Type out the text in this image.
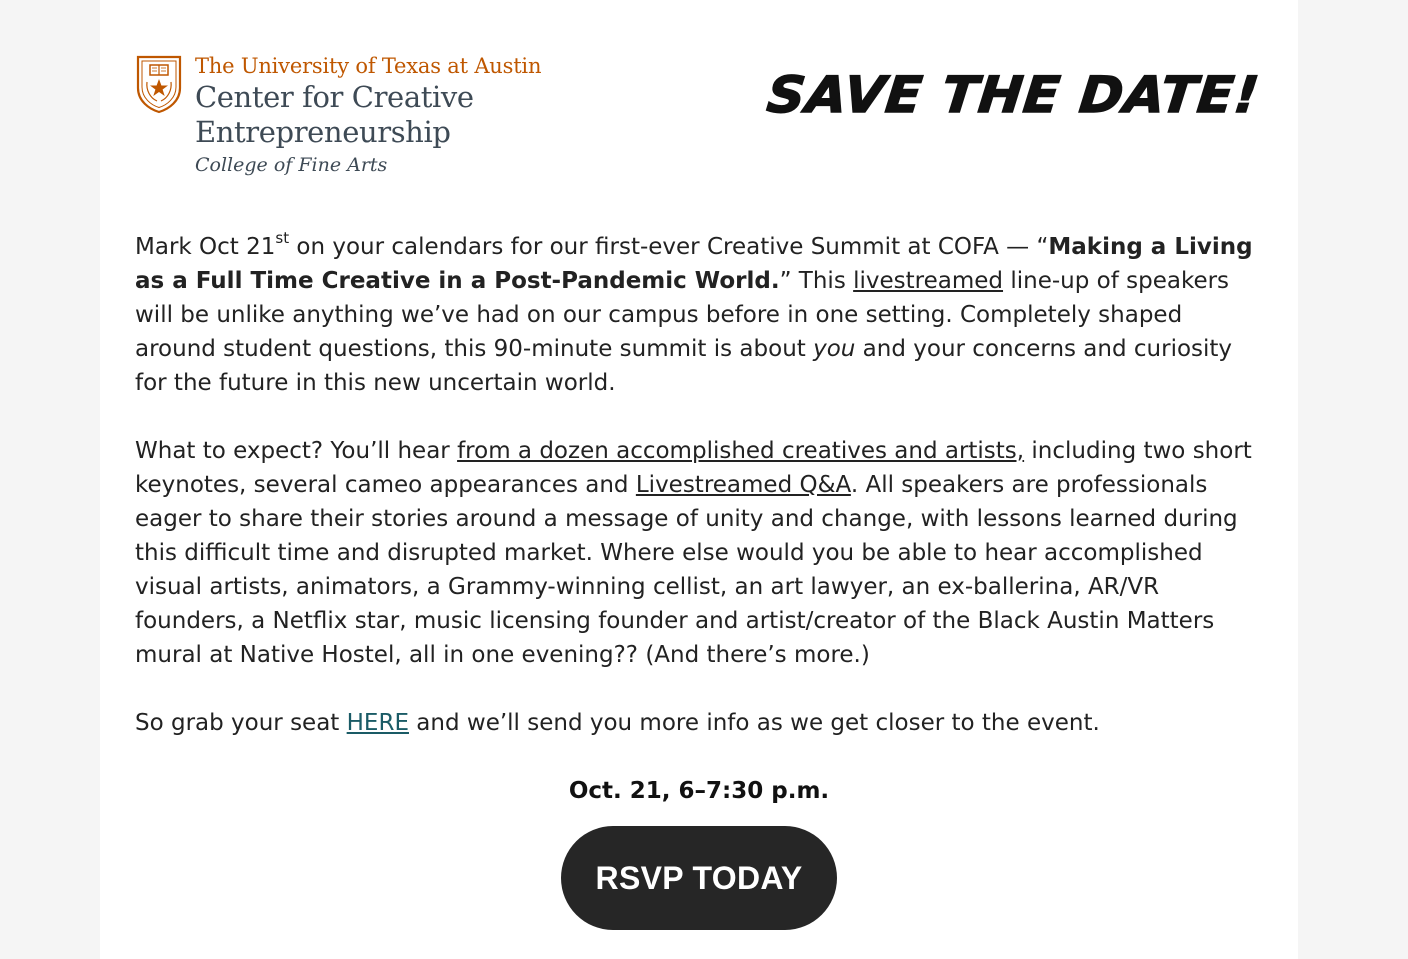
The University of Texas at Austin
Center for Creative
Entrepreneurship
College of Fine Arts
SAVE THE DATE!

Mark Oct 21st on your calendars for our first-ever Creative Summit at COFA — “Making a Living as a Full Time Creative in a Post-Pandemic World.” This livestreamed line-up of speakers will be unlike anything we’ve had on our campus before in one setting. Completely shaped around student questions, this 90-minute summit is about you and your concerns and curiosity for the future in this new uncertain world.

What to expect? You’ll hear from a dozen accomplished creatives and artists, including two short keynotes, several cameo appearances and Livestreamed Q&A. All speakers are professionals eager to share their stories around a message of unity and change, with lessons learned during this difficult time and disrupted market. Where else would you be able to hear accomplished visual artists, animators, a Grammy-winning cellist, an art lawyer, an ex-ballerina, AR/VR founders, a Netflix star, music licensing founder and artist/creator of the Black Austin Matters mural at Native Hostel, all in one evening?? (And there’s more.)

So grab your seat HERE and we’ll send you more info as we get closer to the event.

Oct. 21, 6–7:30 p.m.
RSVP TODAY
